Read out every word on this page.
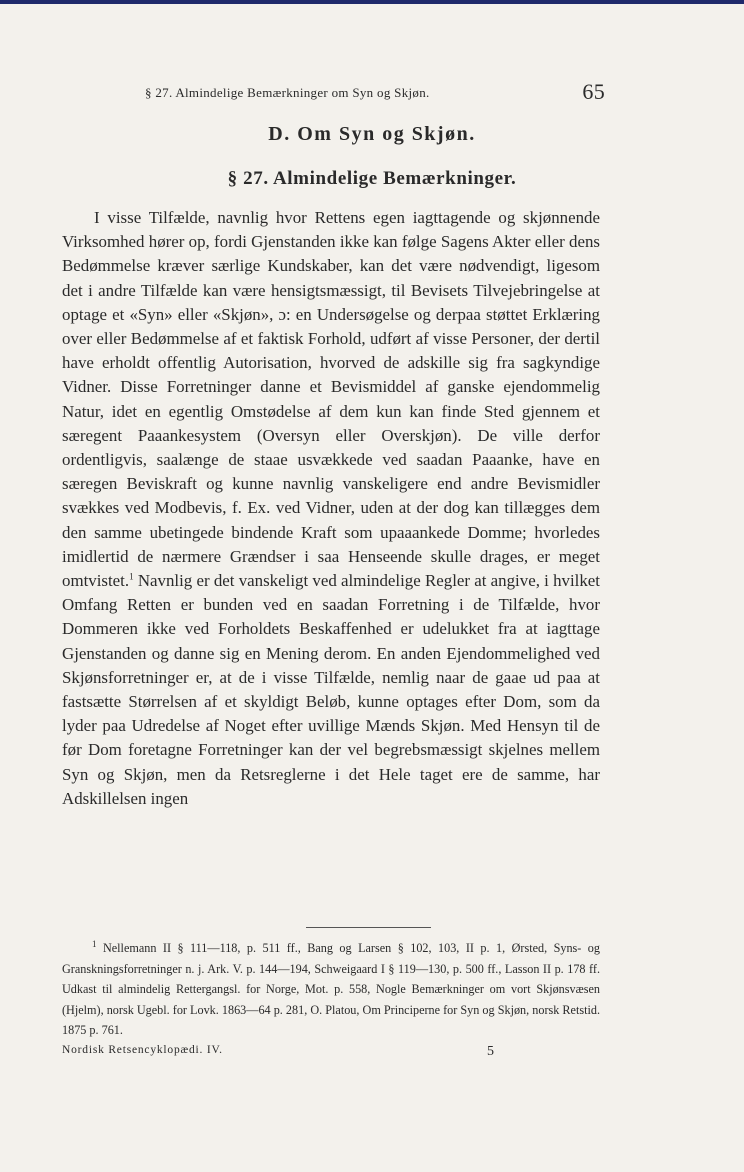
§ 27. Almindelige Bemærkninger om Syn og Skjøn.	65
D. Om Syn og Skjøn.
§ 27. Almindelige Bemærkninger.

I visse Tilfælde, navnlig hvor Rettens egen iagttagende og skjønnende Virksomhed hører op, fordi Gjenstanden ikke kan følge Sagens Akter eller dens Bedømmelse kræver særlige Kundskaber, kan det være nødvendigt, ligesom det i andre Tilfælde kan være hensigtsmæssigt, til Bevisets Tilvejebringelse at optage et «Syn» eller «Skjøn», ɔ: en Undersøgelse og derpaa støttet Erklæring over eller Bedømmelse af et faktisk Forhold, udført af visse Personer, der dertil have erholdt offentlig Autorisation, hvorved de adskille sig fra sagkyndige Vidner. Disse Forretninger danne et Bevismiddel af ganske ejendommelig Natur, idet en egentlig Omstødelse af dem kun kan finde Sted gjennem et særegent Paaankesystem (Oversyn eller Overskjøn). De ville derfor ordentligvis, saalænge de staae usvækkede ved saadan Paaanke, have en særegen Beviskraft og kunne navnlig vanskeligere end andre Bevismidler svækkes ved Modbevis, f. Ex. ved Vidner, uden at der dog kan tillægges dem den samme ubetingede bindende Kraft som upaaankede Domme; hvorledes imidlertid de nærmere Grændser i saa Henseende skulle drages, er meget omtvistet.$^1$ Navnlig er det vanskeligt ved almindelige Regler at angive, i hvilket Omfang Retten er bunden ved en saadan Forretning i de Tilfælde, hvor Dommeren ikke ved Forholdets Beskaffenhed er udelukket fra at iagttage Gjenstanden og danne sig en Mening derom. En anden Ejendommelighed ved Skjønsforretninger er, at de i visse Tilfælde, nemlig naar de gaae ud paa at fastsætte Størrelsen af et skyldigt Beløb, kunne optages efter Dom, som da lyder paa Udredelse af Noget efter uvillige Mænds Skjøn. Med Hensyn til de før Dom foretagne Forretninger kan der vel begrebsmæssigt skjelnes mellem Syn og Skjøn, men da Retsreglerne i det Hele taget ere de samme, har Adskillelsen ingen

$^1$ Nellemann II § 111—118, p. 511 ff., Bang og Larsen § 102, 103, II p. 1, Ørsted, Syns- og Granskningsforretninger n. j. Ark. V. p. 144—194, Schweigaard I § 119—130, p. 500 ff., Lasson II p. 178 ff. Udkast til almindelig Rettergangsl. for Norge, Mot. p. 558, Nogle Bemærkninger om vort Skjønsvæsen (Hjelm), norsk Ugebl. for Lovk. 1863—64 p. 281, O. Platou, Om Principerne for Syn og Skjøn, norsk Retstid. 1875 p. 761.

Nordisk Retsencyklopædi. IV.	5
